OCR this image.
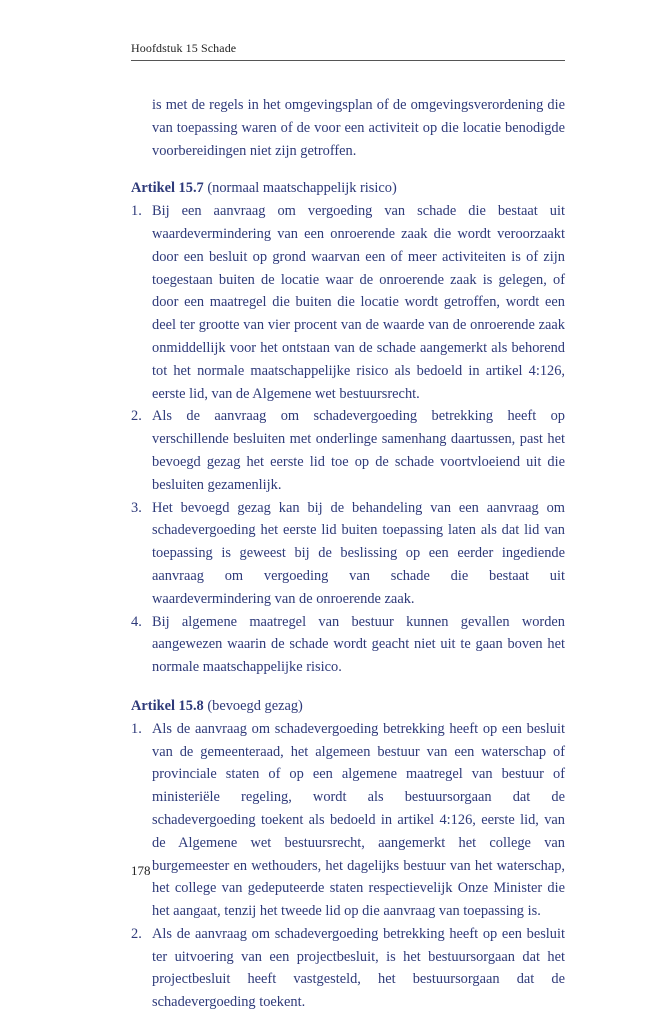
Hoofdstuk 15 Schade

is met de regels in het omgevingsplan of de omgevingsverordening die van toepassing waren of de voor een activiteit op die locatie benodigde voorbereidingen niet zijn getroffen.

Artikel 15.7 (normaal maatschappelijk risico)

1. Bij een aanvraag om vergoeding van schade die bestaat uit waardevermindering van een onroerende zaak die wordt veroorzaakt door een besluit op grond waarvan een of meer activiteiten is of zijn toegestaan buiten de locatie waar de onroerende zaak is gelegen, of door een maatregel die buiten die locatie wordt getroffen, wordt een deel ter grootte van vier procent van de waarde van de onroerende zaak onmiddellijk voor het ontstaan van de schade aangemerkt als behorend tot het normale maatschappelijke risico als bedoeld in artikel 4:126, eerste lid, van de Algemene wet bestuursrecht.
2. Als de aanvraag om schadevergoeding betrekking heeft op verschillende besluiten met onderlinge samenhang daartussen, past het bevoegd gezag het eerste lid toe op de schade voortvloeiend uit die besluiten gezamenlijk.
3. Het bevoegd gezag kan bij de behandeling van een aanvraag om schadevergoeding het eerste lid buiten toepassing laten als dat lid van toepassing is geweest bij de beslissing op een eerder ingediende aanvraag om vergoeding van schade die bestaat uit waardevermindering van de onroerende zaak.
4. Bij algemene maatregel van bestuur kunnen gevallen worden aangewezen waarin de schade wordt geacht niet uit te gaan boven het normale maatschappelijke risico.

Artikel 15.8 (bevoegd gezag)

1. Als de aanvraag om schadevergoeding betrekking heeft op een besluit van de gemeenteraad, het algemeen bestuur van een waterschap of provinciale staten of op een algemene maatregel van bestuur of ministeriële regeling, wordt als bestuursorgaan dat de schadevergoeding toekent als bedoeld in artikel 4:126, eerste lid, van de Algemene wet bestuursrecht, aangemerkt het college van burgemeester en wethouders, het dagelijks bestuur van het waterschap, het college van gedeputeerde staten respectievelijk Onze Minister die het aangaat, tenzij het tweede lid op die aanvraag van toepassing is.
2. Als de aanvraag om schadevergoeding betrekking heeft op een besluit ter uitvoering van een projectbesluit, is het bestuursorgaan dat het projectbesluit heeft vastgesteld, het bestuursorgaan dat de schadevergoeding toekent.
178
